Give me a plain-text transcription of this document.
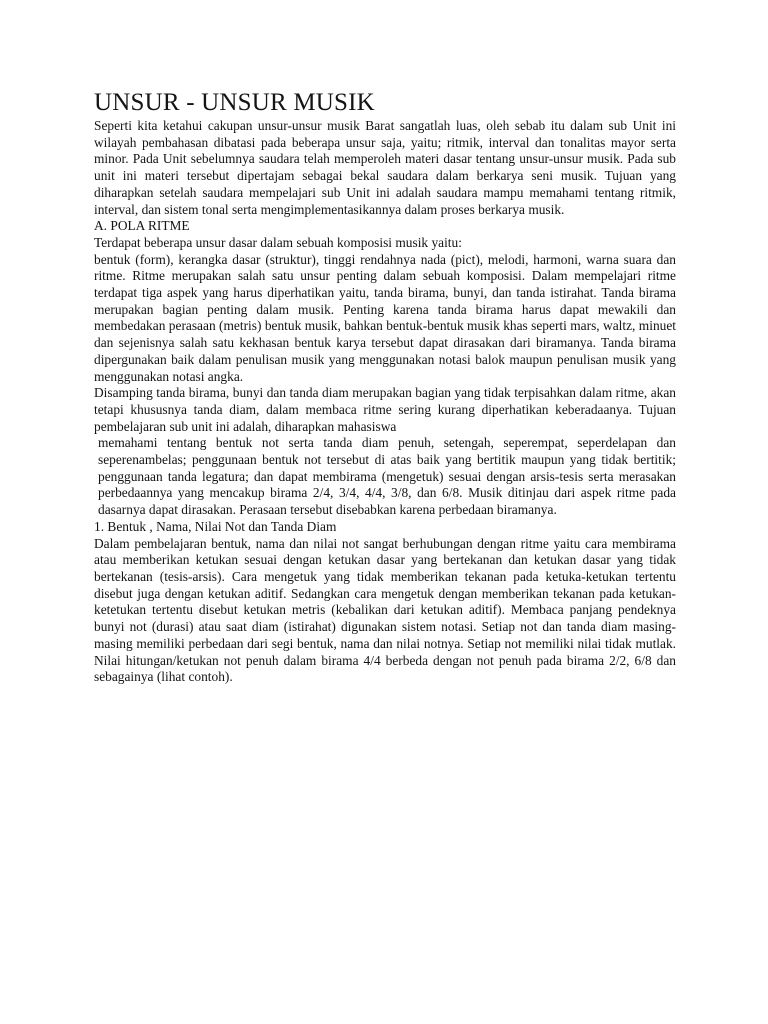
UNSUR - UNSUR MUSIK

Seperti kita ketahui cakupan unsur-unsur musik Barat sangatlah luas, oleh sebab itu dalam sub Unit ini wilayah pembahasan dibatasi pada beberapa unsur saja, yaitu; ritmik, interval dan tonalitas mayor serta minor. Pada Unit sebelumnya saudara telah memperoleh materi dasar tentang unsur-unsur musik. Pada sub unit ini materi tersebut dipertajam sebagai bekal saudara dalam berkarya seni musik. Tujuan yang diharapkan setelah saudara mempelajari sub Unit ini adalah saudara mampu memahami tentang ritmik, interval, dan sistem tonal serta mengimplementasikannya dalam proses berkarya musik.

A. POLA RITME

Terdapat beberapa unsur dasar dalam sebuah komposisi musik yaitu:

bentuk (form), kerangka dasar (struktur), tinggi rendahnya nada (pict), melodi, harmoni, warna suara dan ritme. Ritme merupakan salah satu unsur penting dalam sebuah komposisi. Dalam mempelajari ritme terdapat tiga aspek yang harus diperhatikan yaitu, tanda birama, bunyi, dan tanda istirahat. Tanda birama merupakan bagian penting dalam musik. Penting karena tanda birama harus dapat mewakili dan membedakan perasaan (metris) bentuk musik, bahkan bentuk-bentuk musik khas seperti mars, waltz, minuet dan sejenisnya salah satu kekhasan bentuk karya tersebut dapat dirasakan dari biramanya. Tanda birama dipergunakan baik dalam penulisan musik yang menggunakan notasi balok maupun penulisan musik yang menggunakan notasi angka.

Disamping tanda birama, bunyi dan tanda diam merupakan bagian yang tidak terpisahkan dalam ritme, akan tetapi khususnya tanda diam, dalam membaca ritme sering kurang diperhatikan keberadaanya. Tujuan pembelajaran sub unit ini adalah, diharapkan mahasiswa

memahami tentang bentuk not serta tanda diam penuh, setengah, seperempat, seperdelapan dan seperenambelas; penggunaan bentuk not tersebut di atas baik yang bertitik maupun yang tidak bertitik; penggunaan tanda legatura; dan dapat membirama (mengetuk) sesuai dengan arsis-tesis serta merasakan perbedaannya yang mencakup birama 2/4, 3/4, 4/4, 3/8, dan 6/8. Musik ditinjau dari aspek ritme pada dasarnya dapat dirasakan. Perasaan tersebut disebabkan karena perbedaan biramanya.

1. Bentuk , Nama, Nilai Not dan Tanda Diam

Dalam pembelajaran bentuk, nama dan nilai not sangat berhubungan dengan ritme yaitu cara membirama atau memberikan ketukan sesuai dengan ketukan dasar yang bertekanan dan ketukan dasar yang tidak bertekanan (tesis-arsis). Cara mengetuk yang tidak memberikan tekanan pada ketuka-ketukan tertentu disebut juga dengan ketukan aditif. Sedangkan cara mengetuk dengan memberikan tekanan pada ketukan-ketetukan tertentu disebut ketukan metris (kebalikan dari ketukan aditif). Membaca panjang pendeknya bunyi not (durasi) atau saat diam (istirahat) digunakan sistem notasi. Setiap not dan tanda diam masing-masing memiliki perbedaan dari segi bentuk, nama dan nilai notnya. Setiap not memiliki nilai tidak mutlak. Nilai hitungan/ketukan not penuh dalam birama 4/4 berbeda dengan not penuh pada birama 2/2, 6/8 dan sebagainya (lihat contoh).
